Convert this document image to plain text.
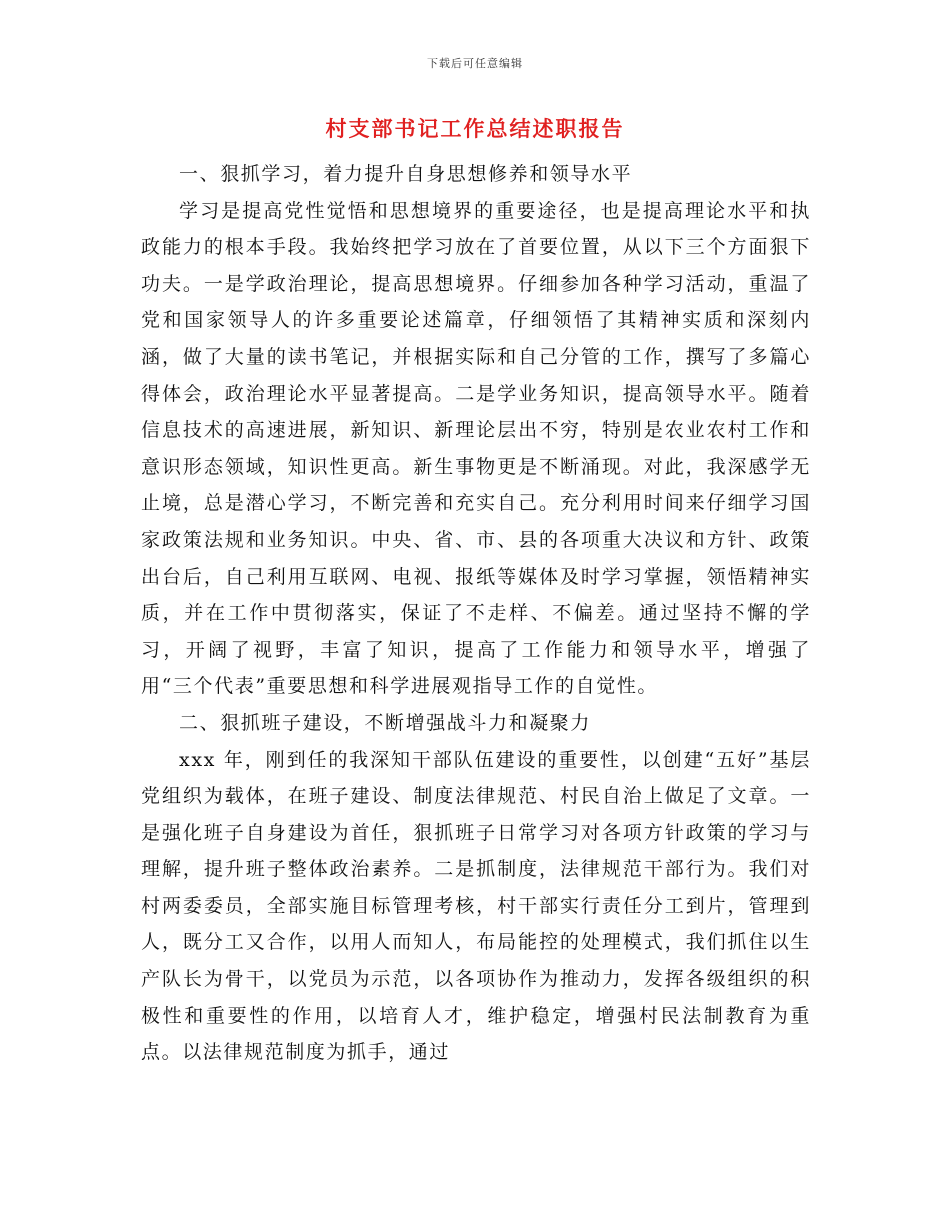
下载后可任意编辑
村支部书记工作总结述职报告

一、狠抓学习，着力提升自身思想修养和领导水平

学习是提高党性觉悟和思想境界的重要途径，也是提高理论水平和执政能力的根本手段。我始终把学习放在了首要位置，从以下三个方面狠下功夫。一是学政治理论，提高思想境界。仔细参加各种学习活动，重温了党和国家领导人的许多重要论述篇章，仔细领悟了其精神实质和深刻内涵，做了大量的读书笔记，并根据实际和自己分管的工作，撰写了多篇心得体会，政治理论水平显著提高。二是学业务知识，提高领导水平。随着信息技术的高速进展，新知识、新理论层出不穷，特别是农业农村工作和意识形态领域，知识性更高。新生事物更是不断涌现。对此，我深感学无止境，总是潜心学习，不断完善和充实自己。充分利用时间来仔细学习国家政策法规和业务知识。中央、省、市、县的各项重大决议和方针、政策出台后，自己利用互联网、电视、报纸等媒体及时学习掌握，领悟精神实质，并在工作中贯彻落实，保证了不走样、不偏差。通过坚持不懈的学习，开阔了视野，丰富了知识，提高了工作能力和领导水平，增强了用“三个代表”重要思想和科学进展观指导工作的自觉性。

二、狠抓班子建设，不断增强战斗力和凝聚力

xxx 年，刚到任的我深知干部队伍建设的重要性，以创建“五好”基层党组织为载体，在班子建设、制度法律规范、村民自治上做足了文章。一是强化班子自身建设为首任，狠抓班子日常学习对各项方针政策的学习与理解，提升班子整体政治素养。二是抓制度，法律规范干部行为。我们对村两委委员，全部实施目标管理考核，村干部实行责任分工到片，管理到人，既分工又合作，以用人而知人，布局能控的处理模式，我们抓住以生产队长为骨干，以党员为示范，以各项协作为推动力，发挥各级组织的积极性和重要性的作用，以培育人才，维护稳定，增强村民法制教育为重点。以法律规范制度为抓手，通过
